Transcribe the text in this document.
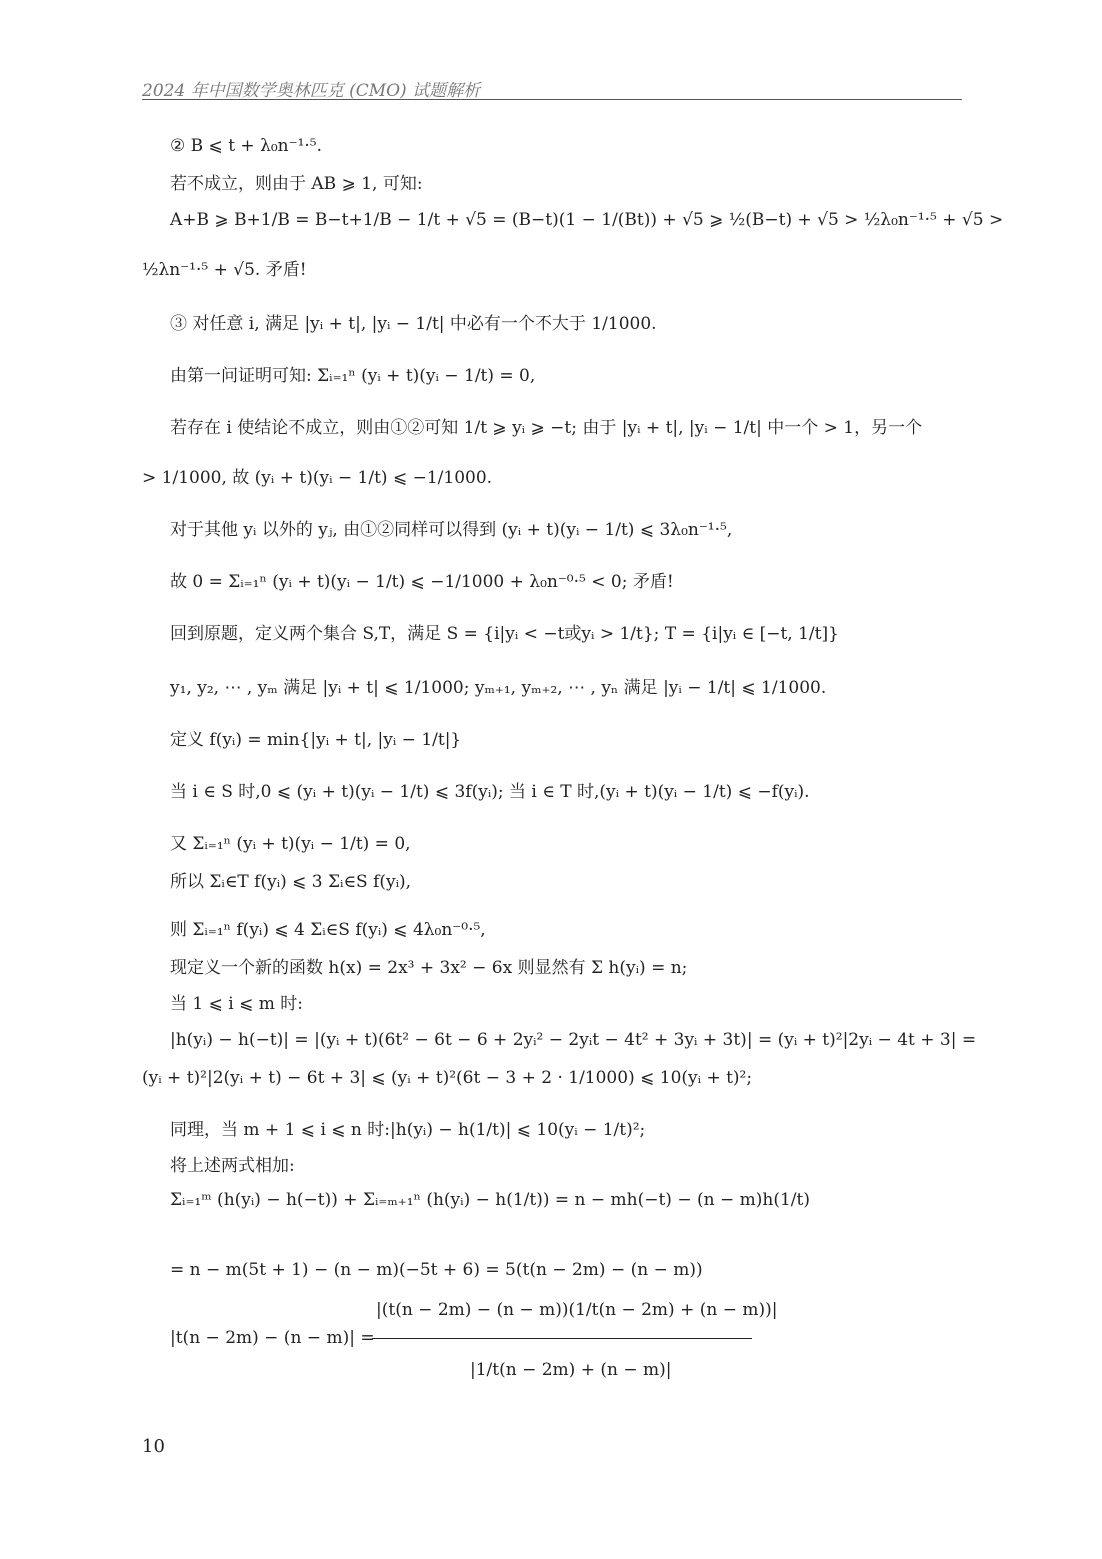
2024 年中国数学奥林匹克 (CMO) 试题解析
② B ⩽ t + λ₀n⁻¹·⁵.
若不成立，则由于 AB ⩾ 1, 可知:
A+B ⩾ B+1/B = B−t+1/B − 1/t + √5 = (B−t)(1 − 1/(Bt)) + √5 ⩾ ½(B−t) + √5 > ½λ₀n⁻¹·⁵ + √5 >
½λn⁻¹·⁵ + √5. 矛盾!
③ 对任意 i, 满足 |yᵢ + t|, |yᵢ − 1/t| 中必有一个不大于 1/1000.
由第一问证明可知: Σᵢ₌₁ⁿ (yᵢ + t)(yᵢ − 1/t) = 0,
若存在 i 使结论不成立，则由①②可知 1/t ⩾ yᵢ ⩾ −t; 由于 |yᵢ + t|, |yᵢ − 1/t| 中一个 > 1，另一个
> 1/1000, 故 (yᵢ + t)(yᵢ − 1/t) ⩽ −1/1000.
对于其他 yᵢ 以外的 yⱼ, 由①②同样可以得到 (yᵢ + t)(yᵢ − 1/t) ⩽ 3λ₀n⁻¹·⁵,
故 0 = Σᵢ₌₁ⁿ (yᵢ + t)(yᵢ − 1/t) ⩽ −1/1000 + λ₀n⁻⁰·⁵ < 0; 矛盾!
回到原题，定义两个集合 S,T，满足 S = {i|yᵢ < −t或yᵢ > 1/t}; T = {i|yᵢ ∈ [−t, 1/t]}
y₁, y₂, ⋯ , yₘ 满足 |yᵢ + t| ⩽ 1/1000; yₘ₊₁, yₘ₊₂, ⋯ , yₙ 满足 |yᵢ − 1/t| ⩽ 1/1000.
定义 f(yᵢ) = min{|yᵢ + t|, |yᵢ − 1/t|}
当 i ∈ S 时,0 ⩽ (yᵢ + t)(yᵢ − 1/t) ⩽ 3f(yᵢ); 当 i ∈ T 时,(yᵢ + t)(yᵢ − 1/t) ⩽ −f(yᵢ).
又 Σᵢ₌₁ⁿ (yᵢ + t)(yᵢ − 1/t) = 0,
所以 Σᵢ∈T f(yᵢ) ⩽ 3 Σᵢ∈S f(yᵢ),
则 Σᵢ₌₁ⁿ f(yᵢ) ⩽ 4 Σᵢ∈S f(yᵢ) ⩽ 4λ₀n⁻⁰·⁵,
现定义一个新的函数 h(x) = 2x³ + 3x² − 6x 则显然有 Σ h(yᵢ) = n;
当 1 ⩽ i ⩽ m 时:
|h(yᵢ) − h(−t)| = |(yᵢ + t)(6t² − 6t − 6 + 2yᵢ² − 2yᵢt − 4t² + 3yᵢ + 3t)| = (yᵢ + t)²|2yᵢ − 4t + 3| =
(yᵢ + t)²|2(yᵢ + t) − 6t + 3| ⩽ (yᵢ + t)²(6t − 3 + 2 · 1/1000) ⩽ 10(yᵢ + t)²;
同理，当 m + 1 ⩽ i ⩽ n 时:|h(yᵢ) − h(1/t)| ⩽ 10(yᵢ − 1/t)²;
将上述两式相加:
Σᵢ₌₁ᵐ (h(yᵢ) − h(−t)) + Σᵢ₌ₘ₊₁ⁿ (h(yᵢ) − h(1/t)) = n − mh(−t) − (n − m)h(1/t)
= n − m(5t + 1) − (n − m)(−5t + 6) = 5(t(n − 2m) − (n − m))
|t(n − 2m) − (n − m)| =
|(t(n − 2m) − (n − m))(1/t(n − 2m) + (n − m))|
|1/t(n − 2m) + (n − m)|
10
